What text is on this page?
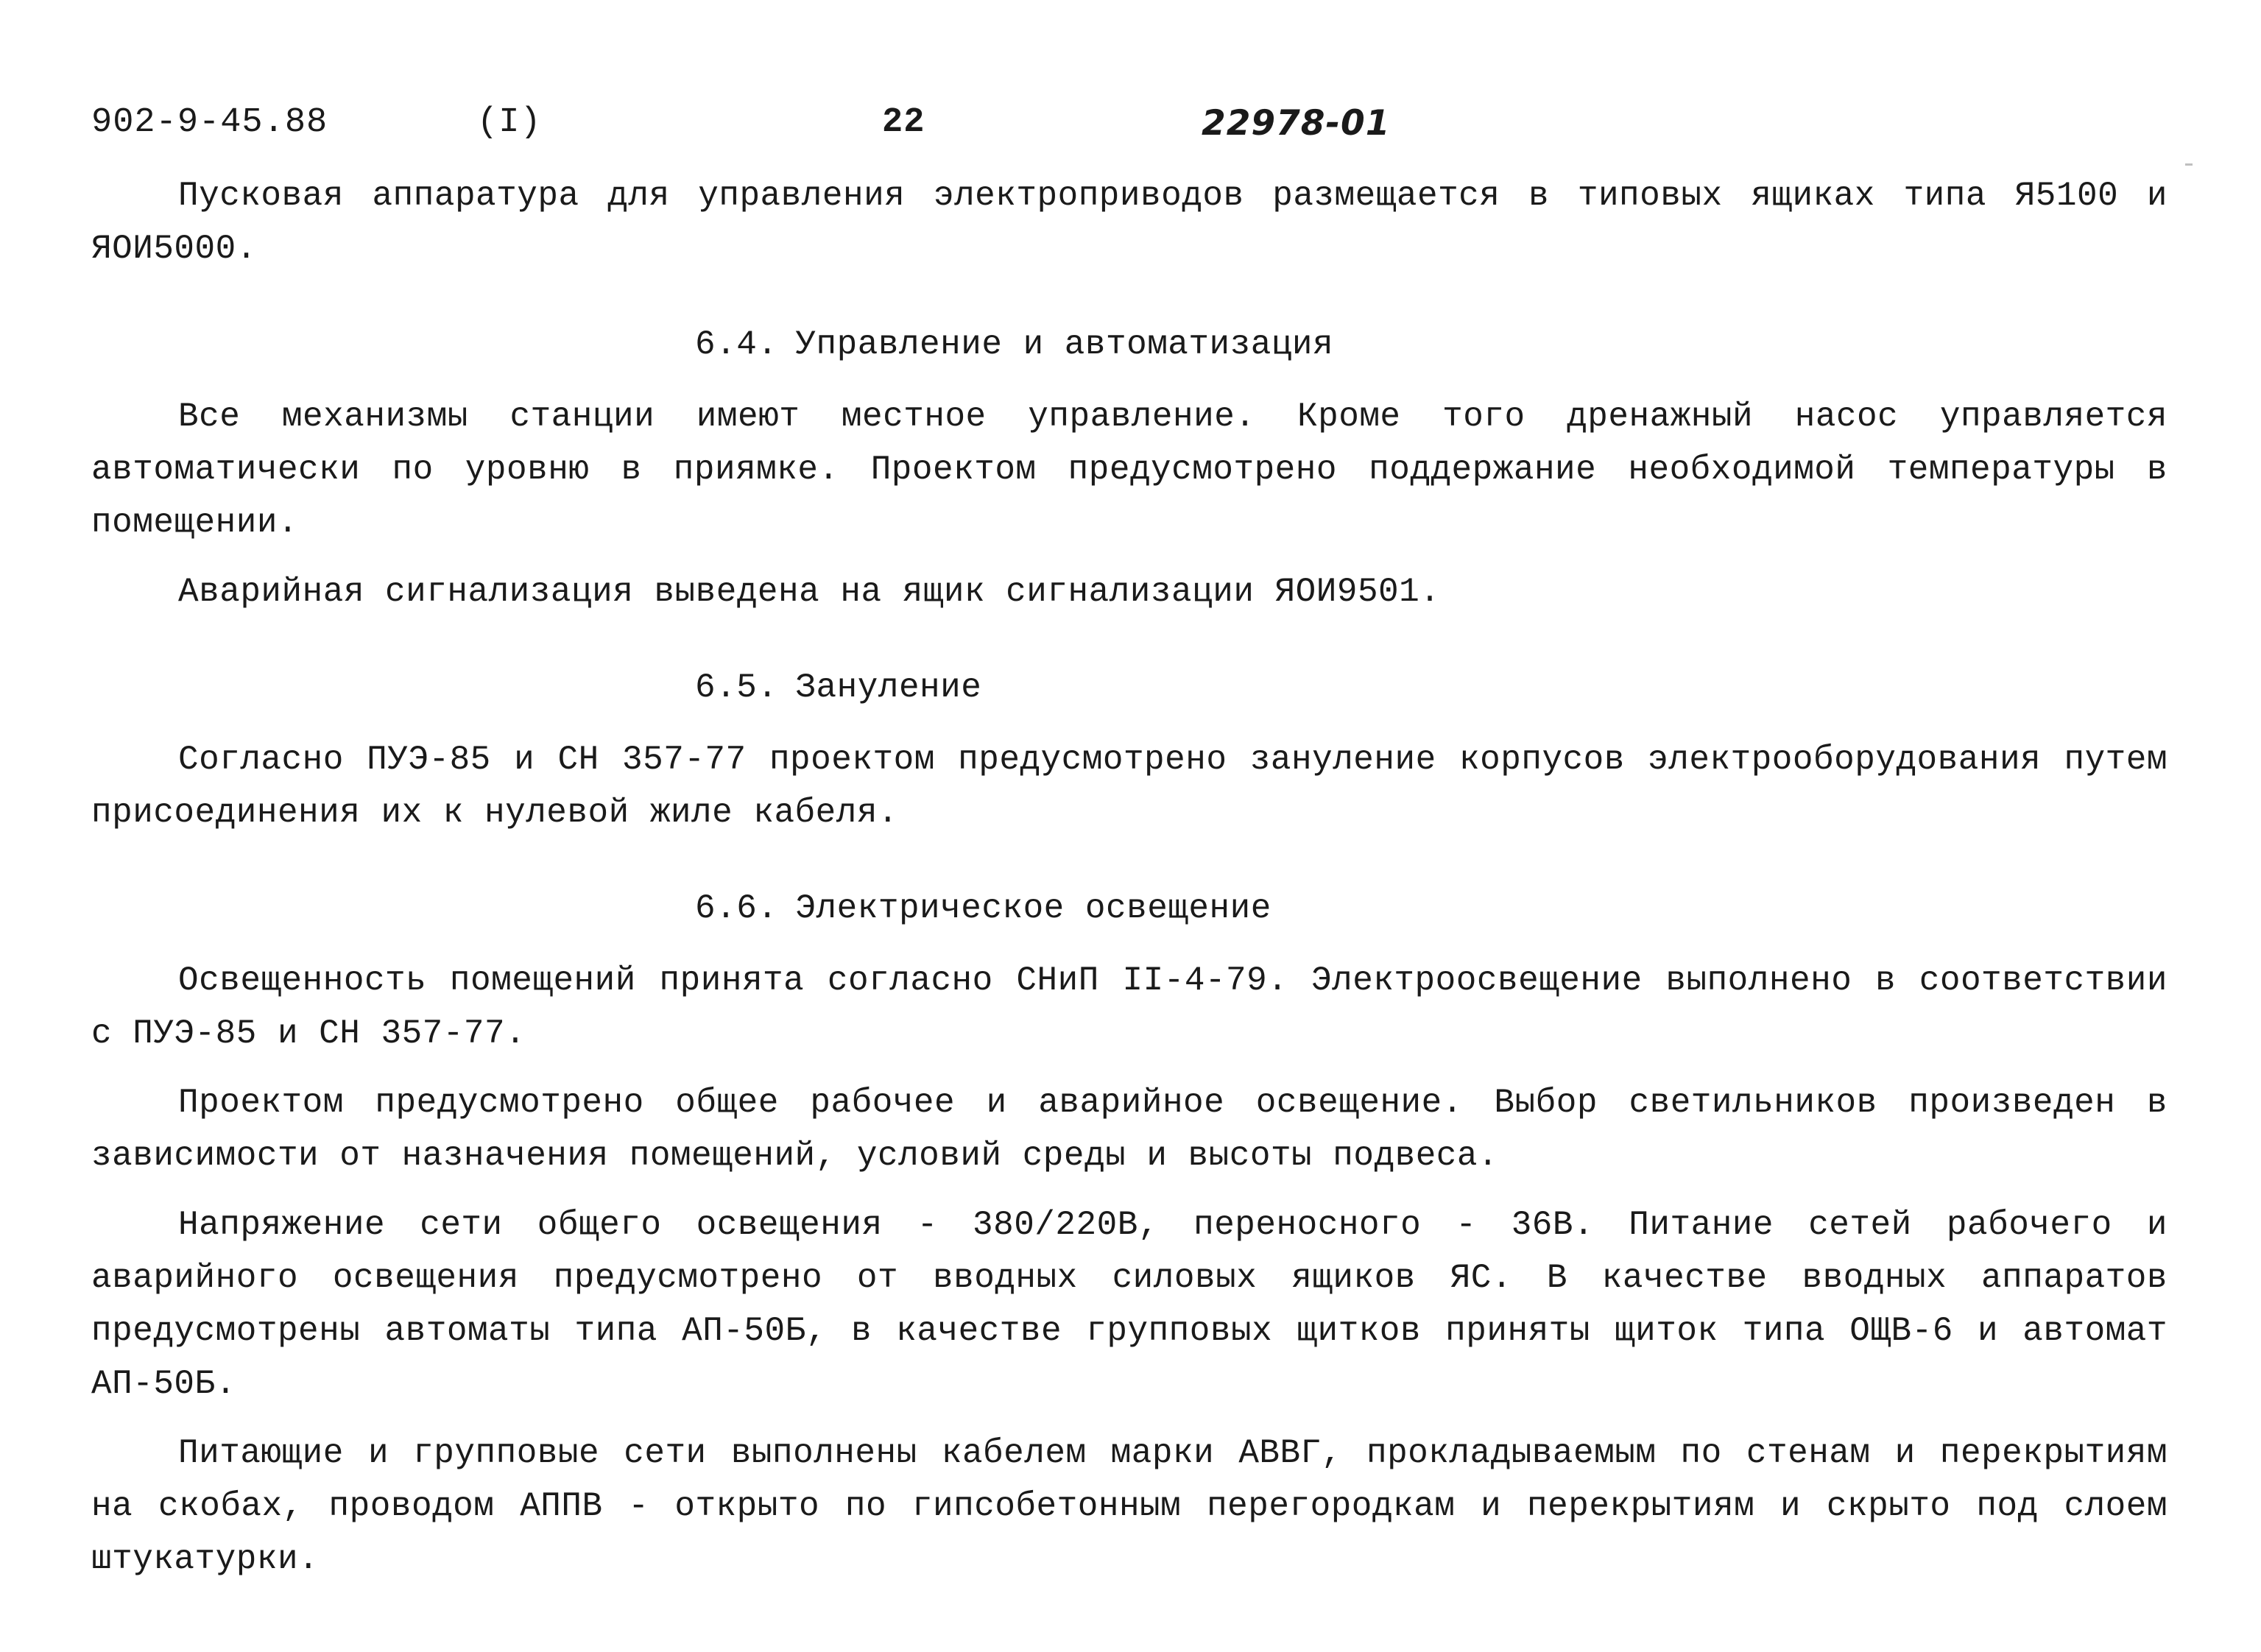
902-9-45.88	(I)	22	22978-01

Пусковая аппаратура для управления электроприводов размещается в типовых ящиках типа Я5100 и ЯОИ5000.

6.4. Управление и автоматизация

Все механизмы станции имеют местное управление. Кроме того дренажный насос управляется автоматически по уровню в приямке. Проектом предусмотрено поддержание необходимой температуры в помещении.

Аварийная сигнализация выведена на ящик сигнализации ЯОИ9501.

6.5. Зануление

Согласно ПУЭ-85 и СН 357-77 проектом предусмотрено зануление корпусов электрооборудования путем присоединения их к нулевой жиле кабеля.

6.6. Электрическое освещение

Освещенность помещений принята согласно СНиП II-4-79. Электроосвещение выполнено в соответствии с ПУЭ-85 и СН 357-77.

Проектом предусмотрено общее рабочее и аварийное освещение. Выбор светильников произведен в зависимости от назначения помещений, условий среды и высоты подвеса.

Напряжение сети общего освещения - 380/220В, переносного - 36В. Питание сетей рабочего и аварийного освещения предусмотрено от вводных силовых ящиков ЯС. В качестве вводных аппаратов предусмотрены автоматы типа АП-50Б, в качестве групповых щитков приняты щиток типа ОЩВ-6 и автомат АП-50Б.

Питающие и групповые сети выполнены кабелем марки АВВГ, прокладываемым по стенам и перекрытиям на скобах, проводом АППВ - открыто по гипсобетонным перегородкам и перекрытиям и скрыто под слоем штукатурки.
